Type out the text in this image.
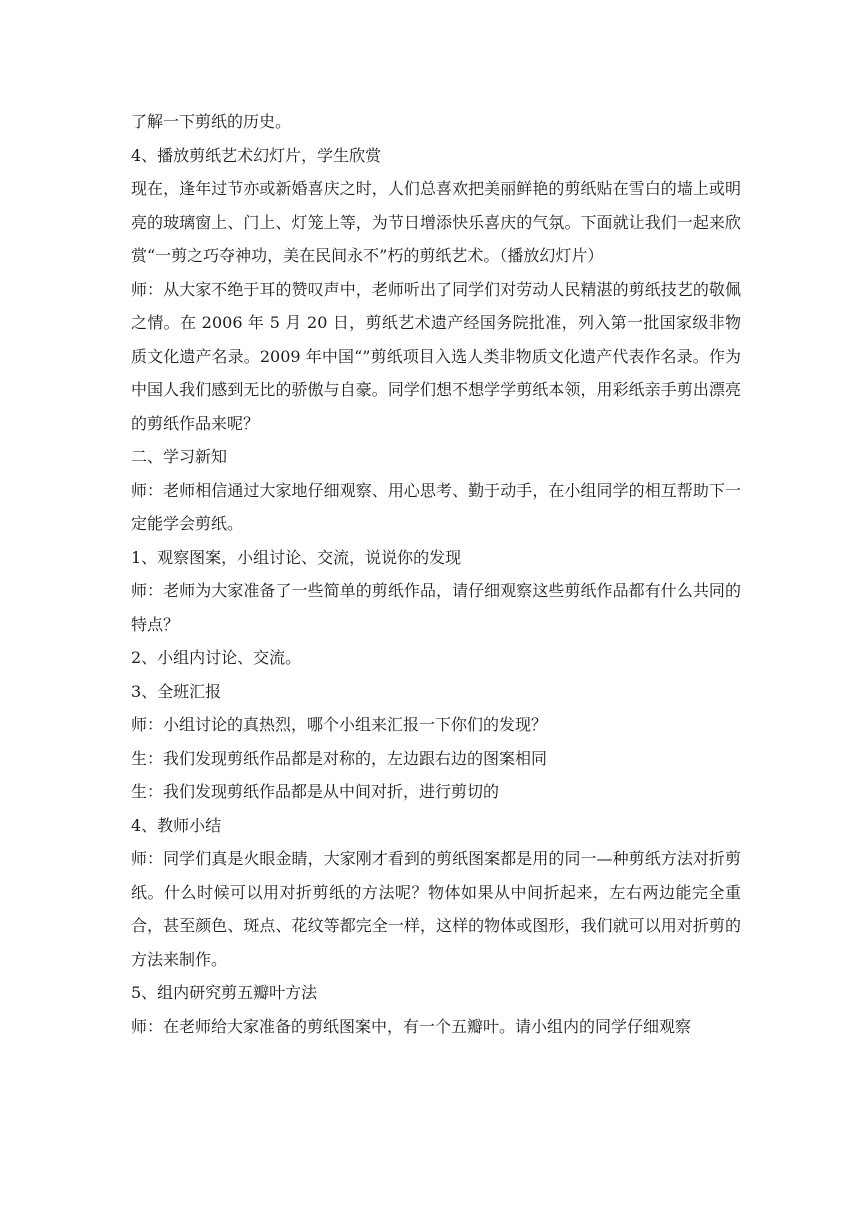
了解一下剪纸的历史。

4、播放剪纸艺术幻灯片，学生欣赏

现在，逢年过节亦或新婚喜庆之时，人们总喜欢把美丽鲜艳的剪纸贴在雪白的墙上或明亮的玻璃窗上、门上、灯笼上等，为节日增添快乐喜庆的气氛。下面就让我们一起来欣赏“一剪之巧夺神功，美在民间永不”朽的剪纸艺术。（播放幻灯片）

师：从大家不绝于耳的赞叹声中，老师听出了同学们对劳动人民精湛的剪纸技艺的敬佩之情。在 2006 年 5 月 20 日，剪纸艺术遗产经国务院批准，列入第一批国家级非物质文化遗产名录。2009 年中国“”剪纸项目入选人类非物质文化遗产代表作名录。作为中国人我们感到无比的骄傲与自豪。同学们想不想学学剪纸本领，用彩纸亲手剪出漂亮的剪纸作品来呢？

二、学习新知

师：老师相信通过大家地仔细观察、用心思考、勤于动手，在小组同学的相互帮助下一定能学会剪纸。

1、观察图案，小组讨论、交流，说说你的发现

师：老师为大家准备了一些简单的剪纸作品，请仔细观察这些剪纸作品都有什么共同的特点？

2、小组内讨论、交流。

3、全班汇报

师：小组讨论的真热烈，哪个小组来汇报一下你们的发现？

生：我们发现剪纸作品都是对称的，左边跟右边的图案相同

生：我们发现剪纸作品都是从中间对折，进行剪切的

4、教师小结

师：同学们真是火眼金睛，大家刚才看到的剪纸图案都是用的同一—种剪纸方法对折剪纸。什么时候可以用对折剪纸的方法呢？物体如果从中间折起来，左右两边能完全重合，甚至颜色、斑点、花纹等都完全一样，这样的物体或图形，我们就可以用对折剪的方法来制作。

5、组内研究剪五瓣叶方法

师：在老师给大家准备的剪纸图案中，有一个五瓣叶。请小组内的同学仔细观察
